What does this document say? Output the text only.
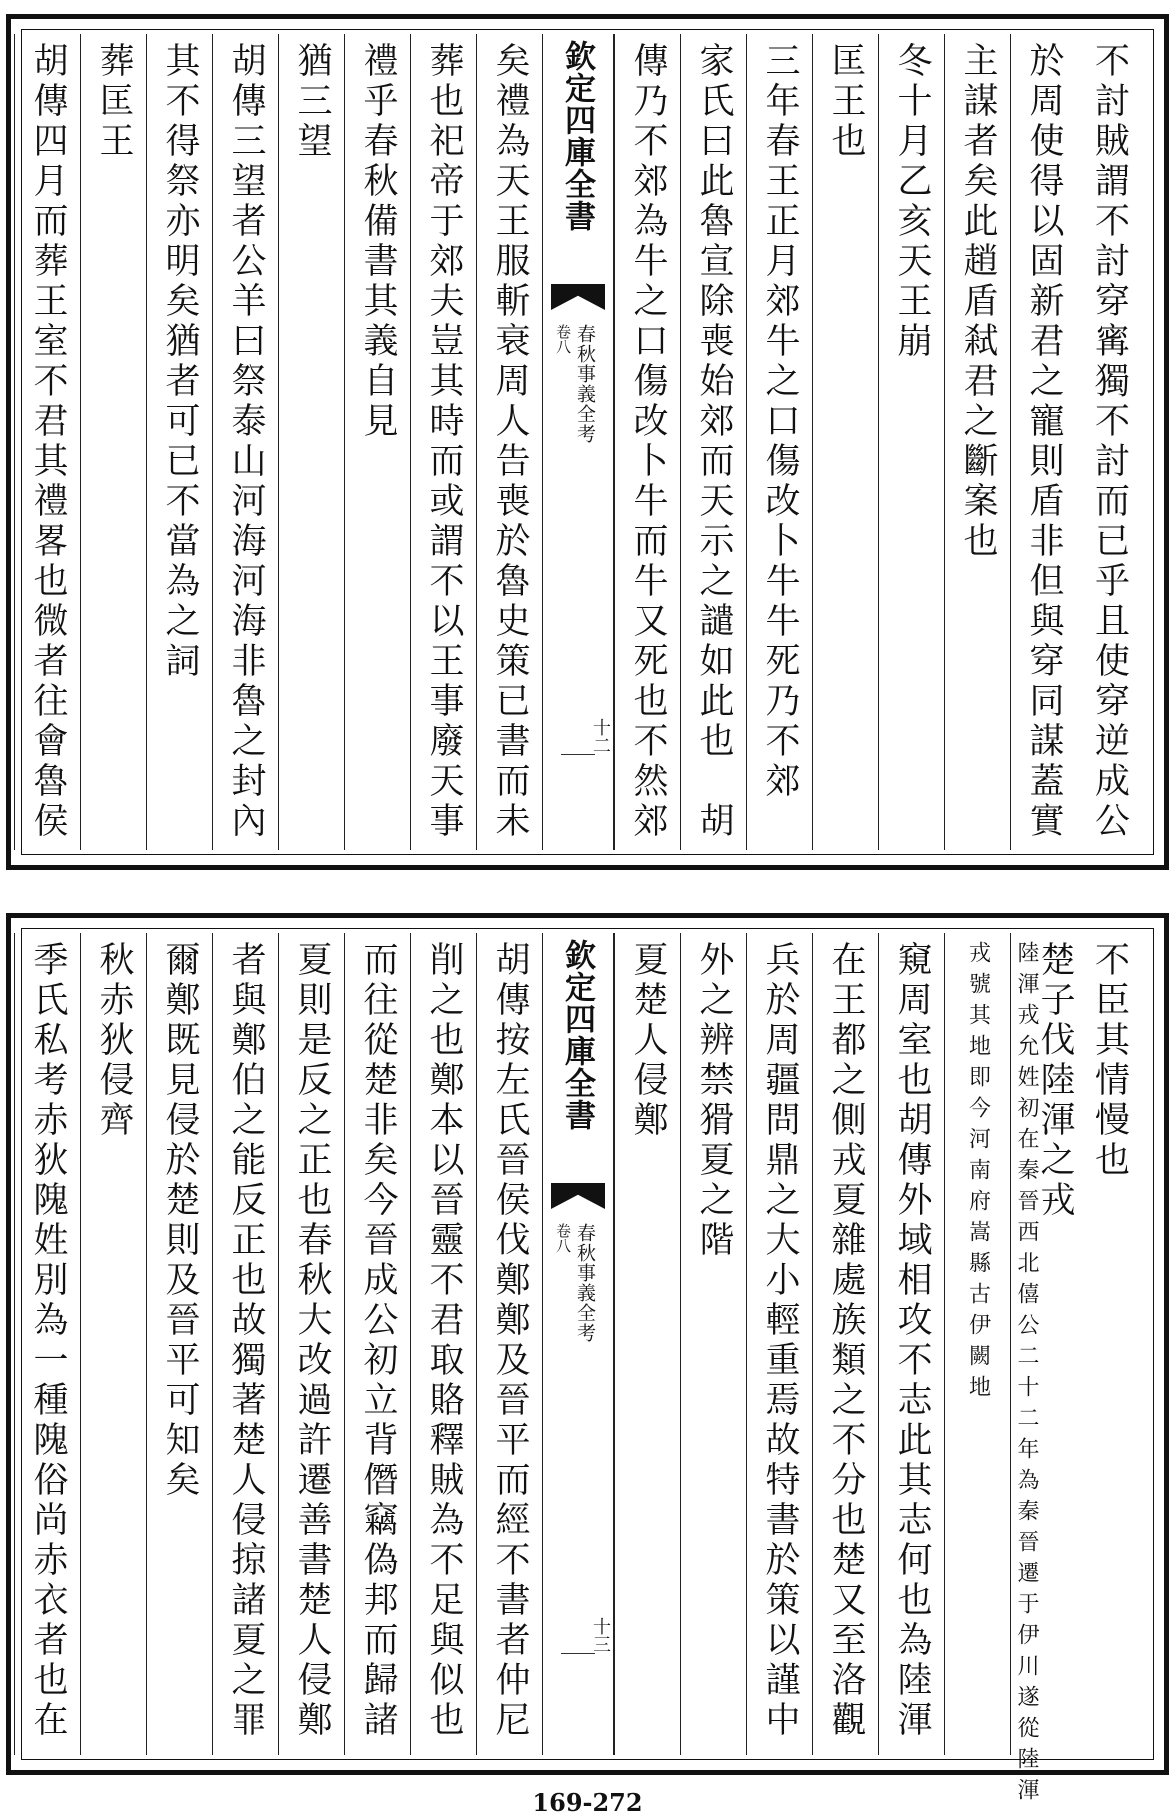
不討賊謂不討穿寗獨不討而已乎且使穿逆成公
於周使得以固新君之寵則盾非但與穿同謀蓋實
主謀者矣此趙盾弒君之斷案也
冬十月乙亥天王崩
匡王也
三年春王正月郊牛之口傷改卜牛牛死乃不郊
家氏曰此魯宣除喪始郊而天示之譴如此也　胡
傳乃不郊為牛之口傷改卜牛而牛又死也不然郊
欽定四庫全書
春秋事義全考
卷八
十二
矣禮為天王服斬衰周人告喪於魯史策已書而未
葬也祀帝于郊夫豈其時而或謂不以王事廢天事
禮乎春秋備書其義自見
猶三望
胡傳三望者公羊曰祭泰山河海河海非魯之封內
其不得祭亦明矣猶者可已不當為之詞
葬匡王
胡傳四月而葬王室不君其禮畧也微者往會魯侯
不臣其情慢也
楚子伐陸渾之戎
陸渾戎允姓初在秦晉西北僖公二十二年為秦晉遷于伊川遂從陸渾
戎號其地即今河南府嵩縣古伊闕地
窺周室也胡傳外域相攻不志此其志何也為陸渾
在王都之側戎夏雜處族類之不分也楚又至洛觀
兵於周疆問鼎之大小輕重焉故特書於策以謹中
外之辨禁猾夏之階
夏楚人侵鄭
欽定四庫全書
春秋事義全考
卷八
十三
胡傳按左氏晉侯伐鄭鄭及晉平而經不書者仲尼
削之也鄭本以晉靈不君取賂釋賊為不足與似也
而往從楚非矣今晉成公初立背僭竊偽邦而歸諸
夏則是反之正也春秋大改過許遷善書楚人侵鄭
者與鄭伯之能反正也故獨著楚人侵掠諸夏之罪
爾鄭既見侵於楚則及晉平可知矣
秋赤狄侵齊
季氏私考赤狄隗姓別為一種隗俗尚赤衣者也在
169-272
